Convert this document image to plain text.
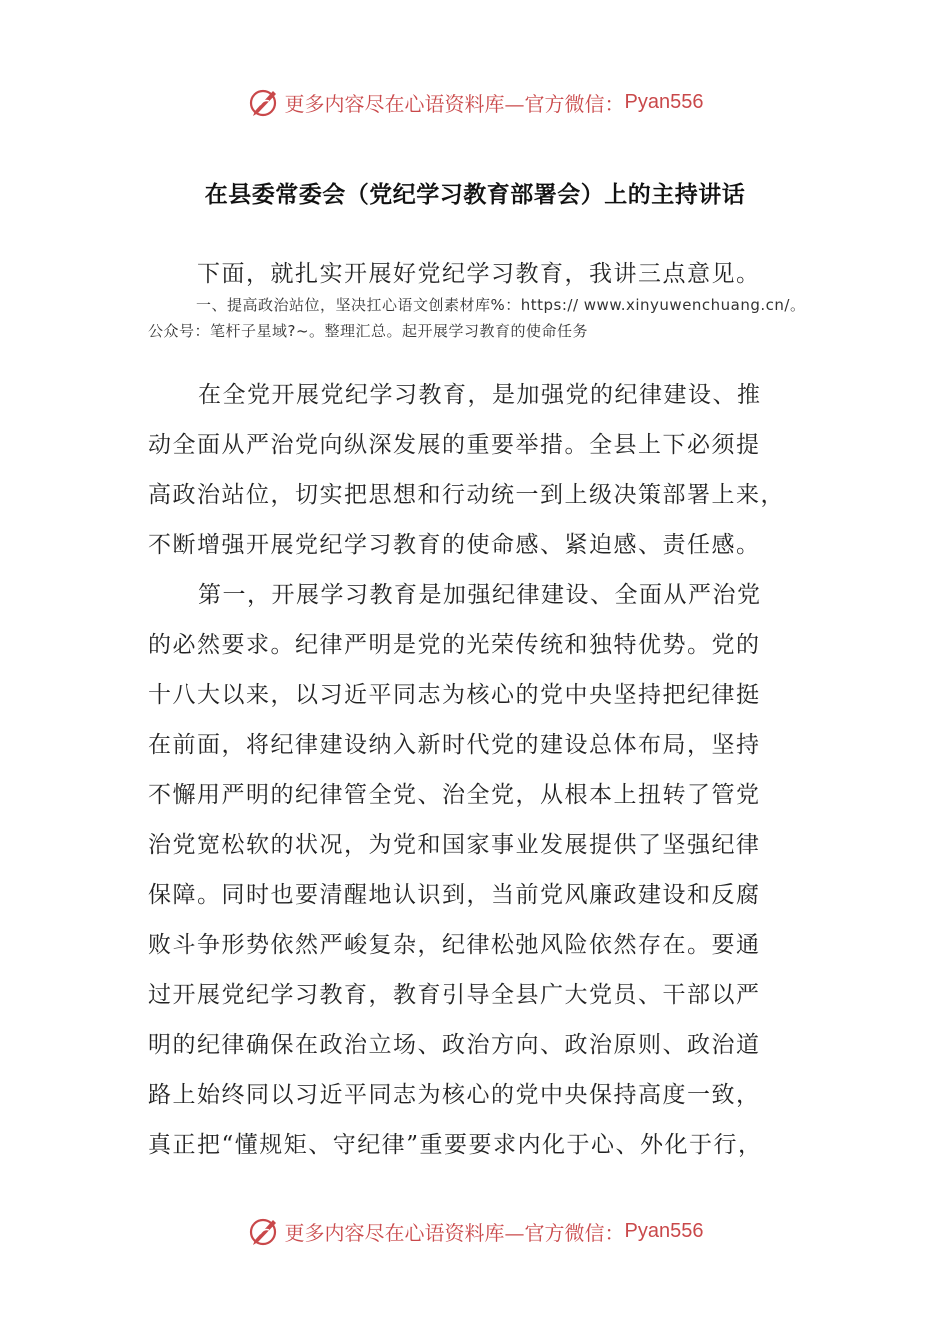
更多内容尽在心语资料库—官方微信： Pyan556
在县委常委会（党纪学习教育部署会）上的主持讲话
下面，就扎实开展好党纪学习教育，我讲三点意见。
一、提高政治站位，坚决扛心语文创素材库%：https:// www.xinyuwenchuang.cn/。公众号：笔杆子星域?~。整理汇总。起开展学习教育的使命任务
在全党开展党纪学习教育，是加强党的纪律建设、推
动全面从严治党向纵深发展的重要举措。全县上下必须提
高政治站位，切实把思想和行动统一到上级决策部署上来，
不断增强开展党纪学习教育的使命感、紧迫感、责任感。
第一，开展学习教育是加强纪律建设、全面从严治党
的必然要求。纪律严明是党的光荣传统和独特优势。党的
十八大以来，以习近平同志为核心的党中央坚持把纪律挺
在前面，将纪律建设纳入新时代党的建设总体布局，坚持
不懈用严明的纪律管全党、治全党，从根本上扭转了管党
治党宽松软的状况，为党和国家事业发展提供了坚强纪律
保障。同时也要清醒地认识到，当前党风廉政建设和反腐
败斗争形势依然严峻复杂，纪律松弛风险依然存在。要通
过开展党纪学习教育，教育引导全县广大党员、干部以严
明的纪律确保在政治立场、政治方向、政治原则、政治道
路上始终同以习近平同志为核心的党中央保持高度一致，
真正把“懂规矩、守纪律”重要要求内化于心、外化于行，
更多内容尽在心语资料库—官方微信： Pyan556
